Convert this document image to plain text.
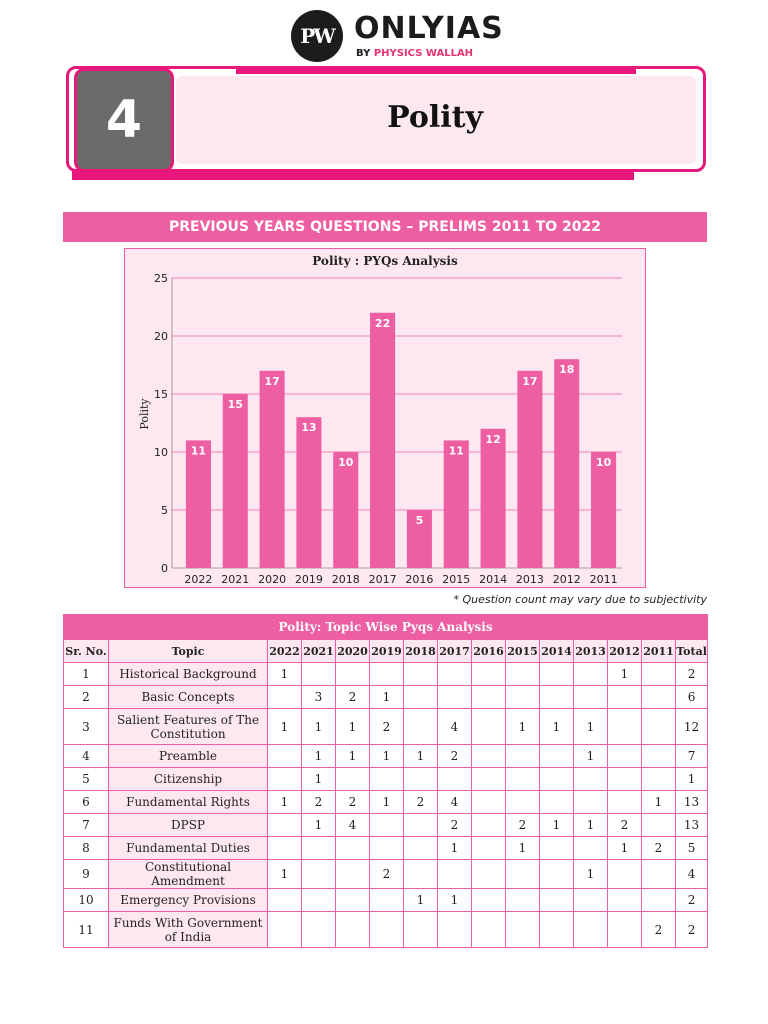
PW ONLYIAS
BY PHYSICS WALLAH
4	Polity
PREVIOUS YEARS QUESTIONS – PRELIMS 2011 TO 2022
Polity : PYQs Analysis
0
5
10
15
20
25
Polity
11
2022
15
2021
17
2020
13
2019
10
2018
22
2017
5
2016
11
2015
12
2014
17
2013
18
2012
10
2011
* Question count may vary due to subjectivity
Polity: Topic Wise Pyqs Analysis														
Sr. No.	Topic	2022	2021	2020	2019	2018	2017	2016	2015	2014	2013	2012	2011	Total
1	Historical Background	1										1		2
2	Basic Concepts		3	2	1									6
3	Salient Features of The Constitution	1	1	1	2		4		1	1	1			12
4	Preamble		1	1	1	1	2				1			7
5	Citizenship		1											1
6	Fundamental Rights	1	2	2	1	2	4						1	13
7	DPSP		1	4			2		2	1	1	2		13
8	Fundamental Duties						1		1			1	2	5
9	Constitutional Amendment	1			2						1			4
10	Emergency Provisions					1	1							2
11	Funds With Government of India												2	2
